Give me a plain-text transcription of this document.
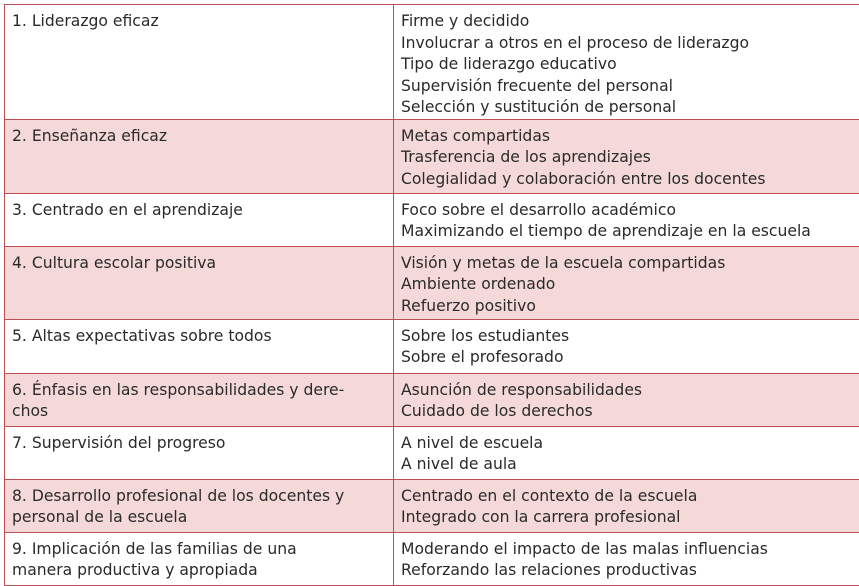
1. Liderazgo eficaz	Firme y decidido
Involucrar a otros en el proceso de liderazgo
Tipo de liderazgo educativo
Supervisión frecuente del personal
Selección y sustitución de personal

2. Enseñanza eficaz	Metas compartidas
Trasferencia de los aprendizajes
Colegialidad y colaboración entre los docentes

3. Centrado en el aprendizaje	Foco sobre el desarrollo académico
Maximizando el tiempo de aprendizaje en la escuela

4. Cultura escolar positiva	Visión y metas de la escuela compartidas
Ambiente ordenado
Refuerzo positivo

5. Altas expectativas sobre todos	Sobre los estudiantes
Sobre el profesorado

6. Énfasis en las responsabilidades y dere-
chos	Asunción de responsabilidades
Cuidado de los derechos

7. Supervisión del progreso	A nivel de escuela
A nivel de aula

8. Desarrollo profesional de los docentes y
personal de la escuela	Centrado en el contexto de la escuela
Integrado con la carrera profesional

9. Implicación de las familias de una
manera productiva y apropiada	Moderando el impacto de las malas influencias
Reforzando las relaciones productivas
